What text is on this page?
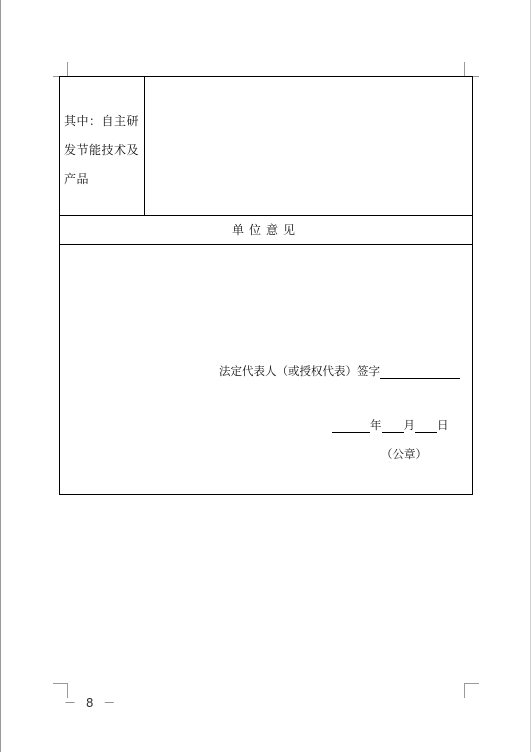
其中：自主研发节能技术及产品
单位意见
法定代表人（或授权代表）签字
年 月 日
（公章）
－ 8 －
